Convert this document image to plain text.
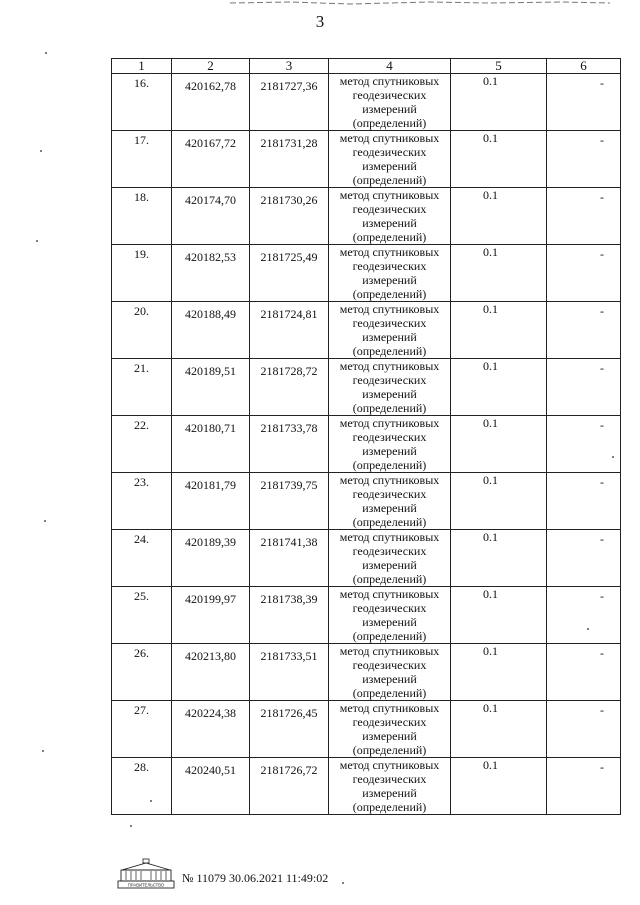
3
1	2	3	4	5	6
16.	420162,78	2181727,36	метод спутниковых геодезических измерений (определений)	0.1	-
17.	420167,72	2181731,28	метод спутниковых геодезических измерений (определений)	0.1	-
18.	420174,70	2181730,26	метод спутниковых геодезических измерений (определений)	0.1	-
19.	420182,53	2181725,49	метод спутниковых геодезических измерений (определений)	0.1	-
20.	420188,49	2181724,81	метод спутниковых геодезических измерений (определений)	0.1	-
21.	420189,51	2181728,72	метод спутниковых геодезических измерений (определений)	0.1	-
22.	420180,71	2181733,78	метод спутниковых геодезических измерений (определений)	0.1	-
23.	420181,79	2181739,75	метод спутниковых геодезических измерений (определений)	0.1	-
24.	420189,39	2181741,38	метод спутниковых геодезических измерений (определений)	0.1	-
25.	420199,97	2181738,39	метод спутниковых геодезических измерений (определений)	0.1	-
26.	420213,80	2181733,51	метод спутниковых геодезических измерений (определений)	0.1	-
27.	420224,38	2181726,45	метод спутниковых геодезических измерений (определений)	0.1	-
28.	420240,51	2181726,72	метод спутниковых геодезических измерений (определений)	0.1	-
ПРАВИТЕЛЬСТВО
№ 11079 30.06.2021 11:49:02
